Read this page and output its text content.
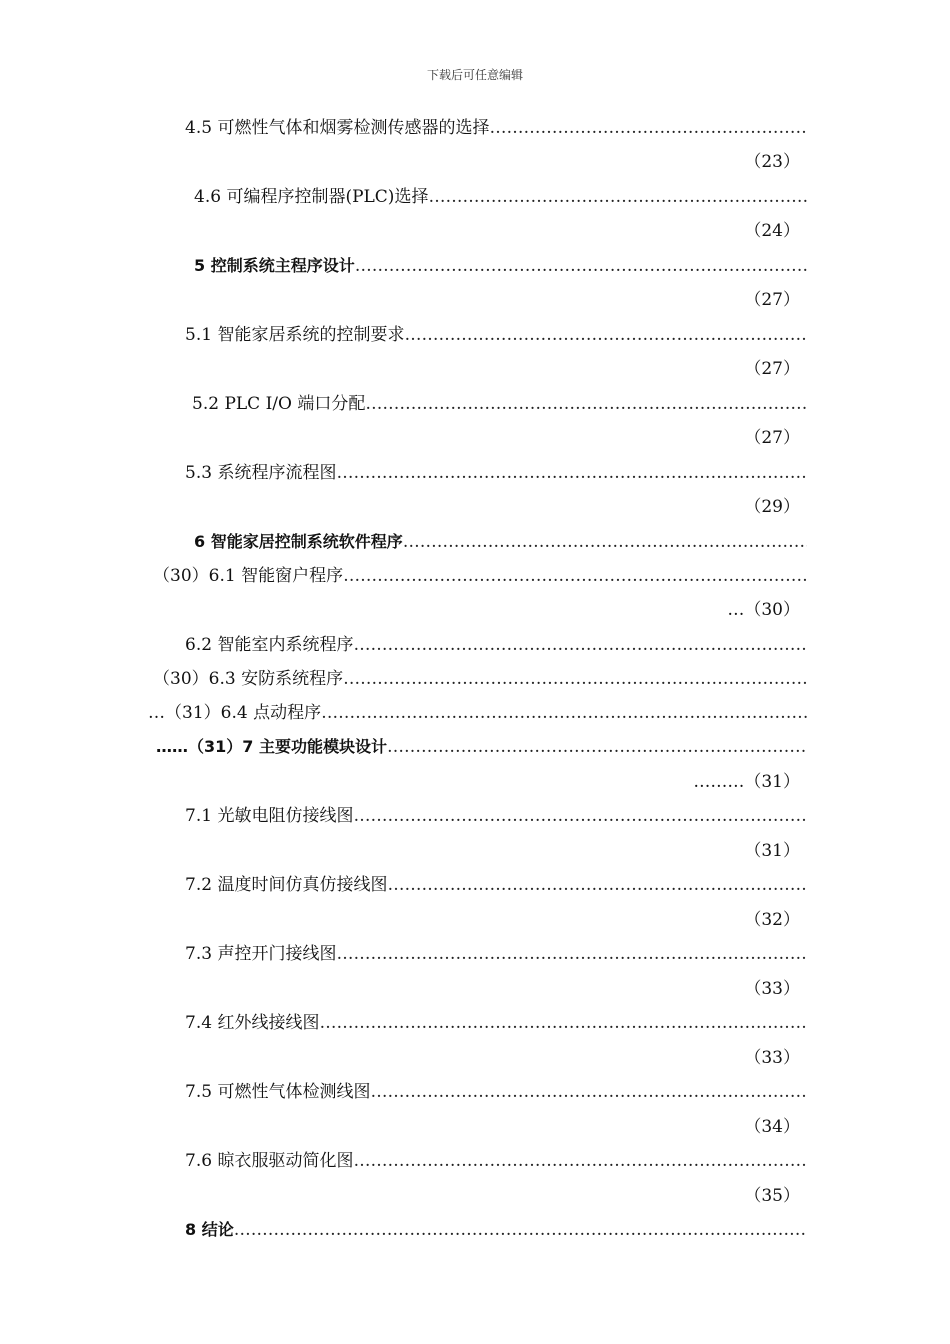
下载后可任意编辑
4.5 可燃性气体和烟雾检测传感器的选择
……………………………………………………………………………………………………………………………………………………
（23）
4.6 可编程序控制器(PLC)选择
……………………………………………………………………………………………………………………………………………………
（24）
5 控制系统主程序设计
……………………………………………………………………………………………………………………………………………………
（27）
5.1 智能家居系统的控制要求
……………………………………………………………………………………………………………………………………………………
（27）
5.2 PLC I/O 端口分配
……………………………………………………………………………………………………………………………………………………
（27）
5.3 系统程序流程图
……………………………………………………………………………………………………………………………………………………
（29）
6 智能家居控制系统软件程序
……………………………………………………………………………………………………………………………………………………
（30）6.1 智能窗户程序
……………………………………………………………………………………………………………………………………………………
…（30）
6.2 智能室内系统程序
……………………………………………………………………………………………………………………………………………………
（30）6.3 安防系统程序
……………………………………………………………………………………………………………………………………………………
…（31）6.4 点动程序
……………………………………………………………………………………………………………………………………………………
……（31）7 主要功能模块设计
……………………………………………………………………………………………………………………………………………………
………（31）
7.1 光敏电阻仿接线图
……………………………………………………………………………………………………………………………………………………
（31）
7.2 温度时间仿真仿接线图
……………………………………………………………………………………………………………………………………………………
（32）
7.3 声控开门接线图
……………………………………………………………………………………………………………………………………………………
（33）
7.4 红外线接线图
……………………………………………………………………………………………………………………………………………………
（33）
7.5 可燃性气体检测线图
……………………………………………………………………………………………………………………………………………………
（34）
7.6 晾衣服驱动简化图
……………………………………………………………………………………………………………………………………………………
（35）
8 结论
……………………………………………………………………………………………………………………………………………………
